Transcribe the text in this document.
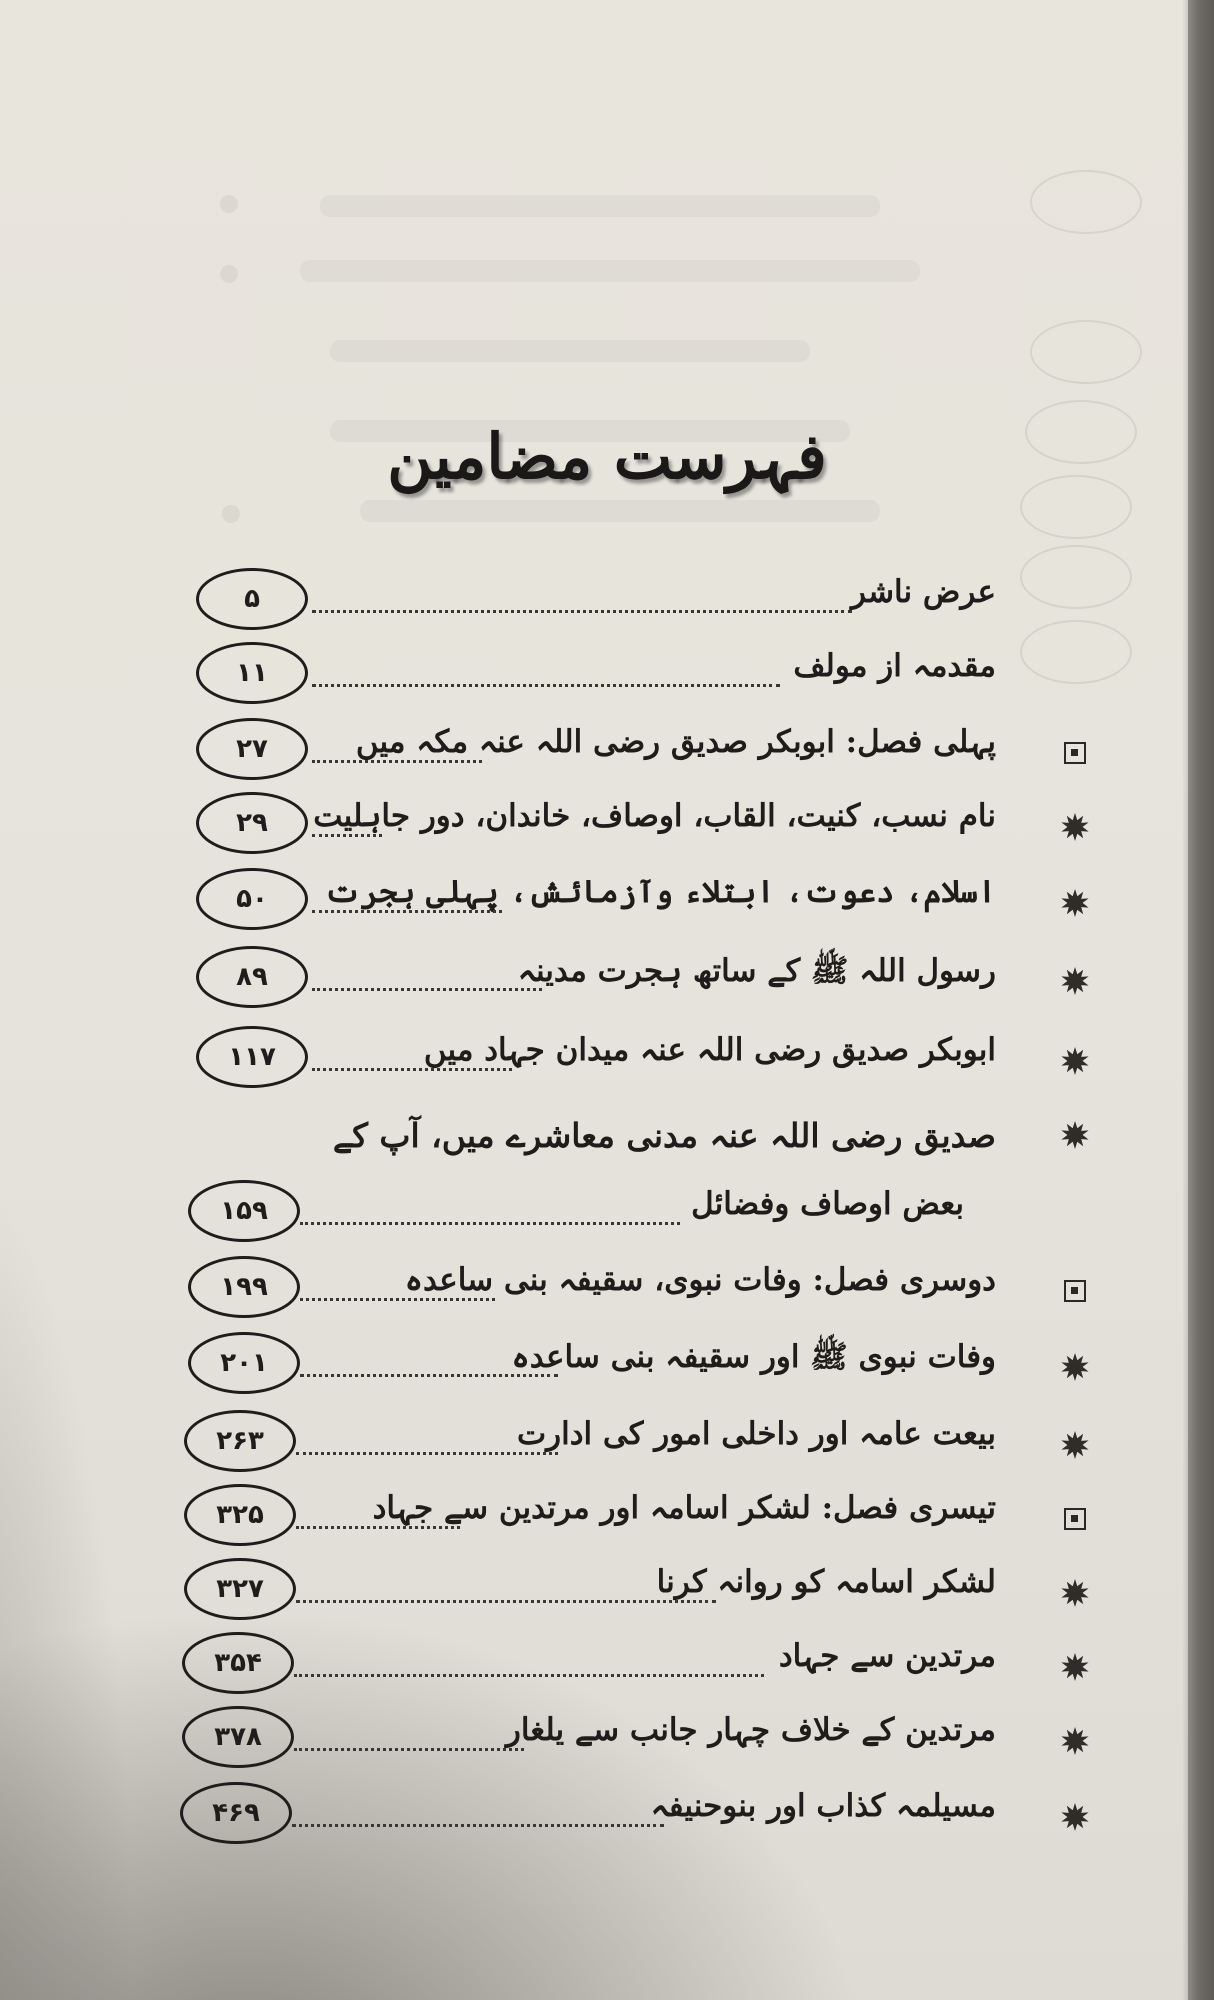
فہرست مضامین
عرض ناشر
۵
مقدمہ از مولف
۱۱
پہلی فصل: ابوبکر صدیق رضی اللہ عنہ مکہ میں
۲۷
نام نسب، کنیت، القاب، اوصاف، خاندان، دور جاہلیت
۲۹
اسلام، دعوت، ابتلاء وآزمائش، پہلی ہجرت
۵۰
رسول اللہ ﷺ کے ساتھ ہجرت مدینہ
۸۹
ابوبکر صدیق رضی اللہ عنہ میدان جہاد میں
۱۱۷
صدیق رضی اللہ عنہ مدنی معاشرے میں، آپ کے
بعض اوصاف وفضائل
۱۵۹
دوسری فصل: وفات نبوی، سقیفہ بنی ساعدہ
۱۹۹
وفات نبوی ﷺ اور سقیفہ بنی ساعدہ
۲۰۱
بیعت عامہ اور داخلی امور کی ادارت
۲۶۳
تیسری فصل: لشکر اسامہ اور مرتدین سے جہاد
۳۲۵
لشکر اسامہ کو روانہ کرنا
۳۲۷
مرتدین سے جہاد
۳۵۴
مرتدین کے خلاف چہار جانب سے یلغار
۳۷۸
مسیلمہ کذاب اور بنوحنیفہ
۴۶۹
